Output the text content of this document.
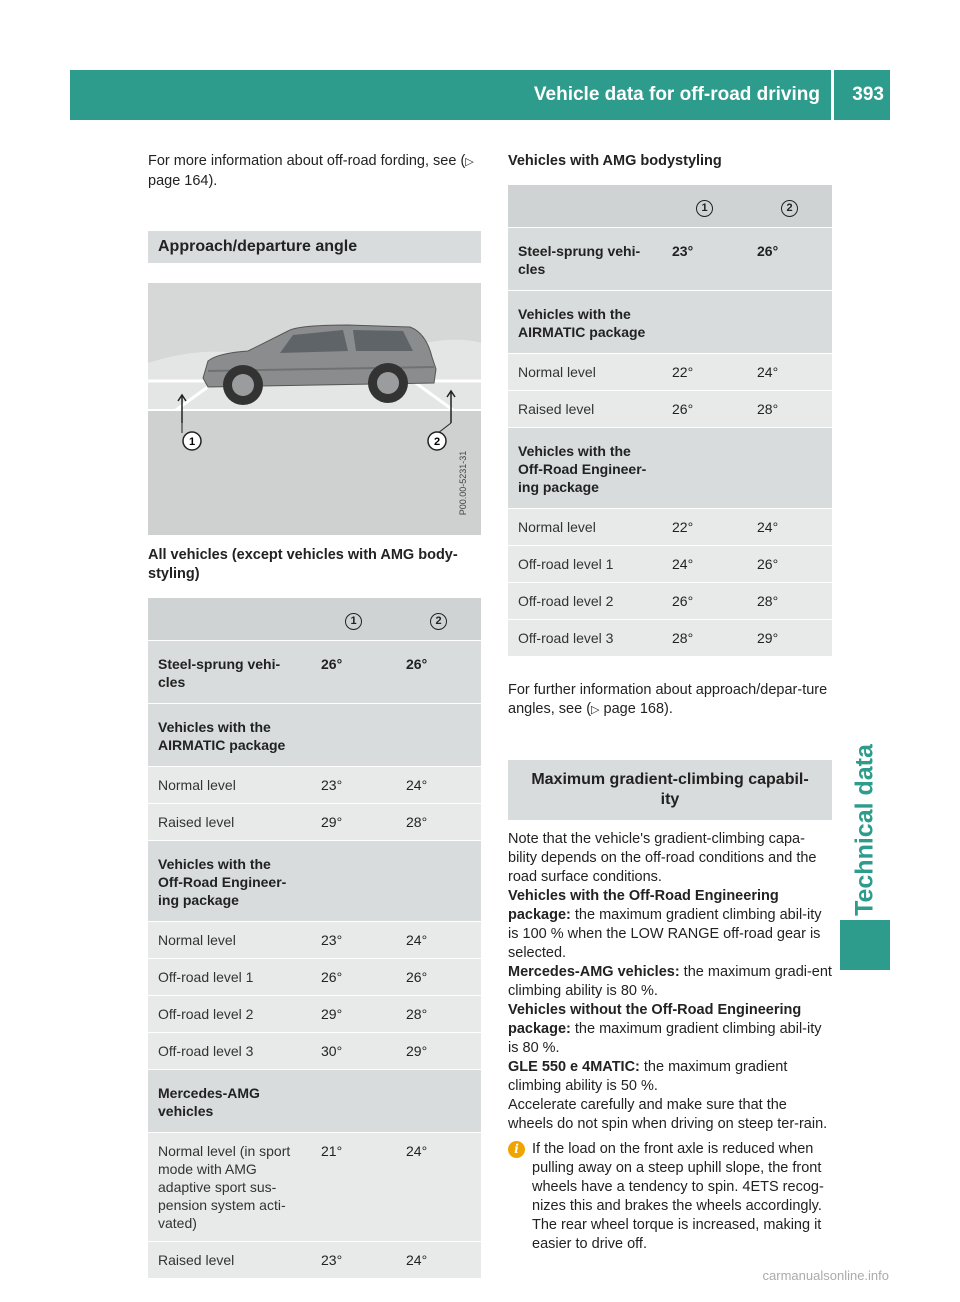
Vehicle data for off-road driving 393
Technical data

For more information about off-road fording, see (▷ page 164).

Approach/departure angle
1	2
P00.00-5231-31
All vehicles (except vehicles with AMG body-styling)
	1	2
Steel-sprung vehi-
cles	26°	26°
Vehicles with the
AIRMATIC package		
Normal level	23°	24°
Raised level	29°	28°
Vehicles with the
Off-Road Engineer-
ing package		
Normal level	23°	24°
Off-road level 1	26°	26°
Off-road level 2	29°	28°
Off-road level 3	30°	29°
Mercedes-AMG
vehicles		
Normal level (in sport
mode with AMG
adaptive sport sus-
pension system acti-
vated)	21°	24°
Raised level	23°	24°
Vehicles with AMG bodystyling
	1	2
Steel-sprung vehi-
cles	23°	26°
Vehicles with the
AIRMATIC package		
Normal level	22°	24°
Raised level	26°	28°
Vehicles with the
Off-Road Engineer-
ing package		
Normal level	22°	24°
Off-road level 1	24°	26°
Off-road level 2	26°	28°
Off-road level 3	28°	29°

For further information about approach/depar-ture angles, see (▷ page 168).

Maximum gradient-climbing capabil-ity

Note that the vehicle's gradient-climbing capa-bility depends on the off-road conditions and the road surface conditions.

Vehicles with the Off-Road Engineering package: the maximum gradient climbing abil-ity is 100 % when the LOW RANGE off-road gear is selected.

Mercedes-AMG vehicles: the maximum gradi-ent climbing ability is 80 %.

Vehicles without the Off-Road Engineering package: the maximum gradient climbing abil-ity is 80 %.

GLE 550 e 4MATIC: the maximum gradient climbing ability is 50 %.

Accelerate carefully and make sure that the wheels do not spin when driving on steep ter-rain.

i If the load on the front axle is reduced when pulling away on a steep uphill slope, the front wheels have a tendency to spin. 4ETS recog-nizes this and brakes the wheels accordingly. The rear wheel torque is increased, making it easier to drive off.

carmanualsonline.info
